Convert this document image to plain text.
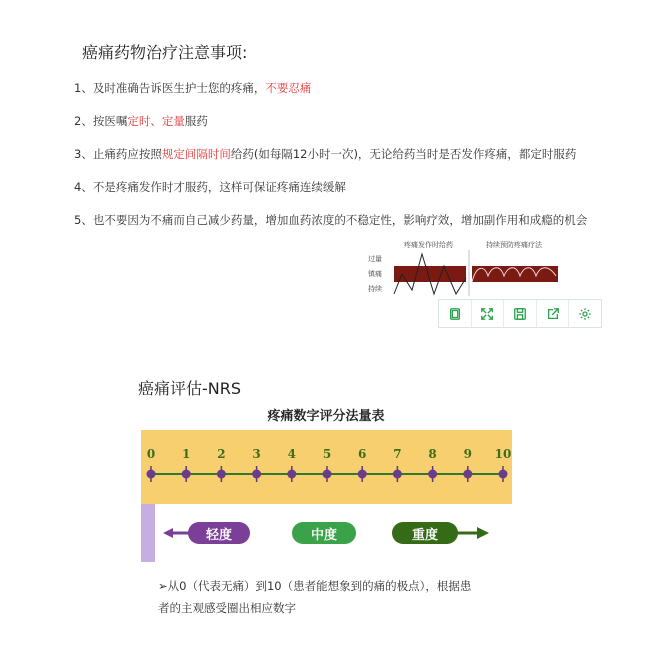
癌痛药物治疗注意事项:
1、及时准确告诉医生护士您的疼痛，不要忍痛
2、按医嘱定时、定量服药
3、止痛药应按照规定间隔时间给药(如每隔12小时一次)，无论给药当时是否发作疼痛，都定时服药
4、不是疼痛发作时才服药，这样可保证疼痛连续缓解
5、也不要因为不痛而自己减少药量，增加血药浓度的不稳定性，影响疗效，增加副作用和成瘾的机会
疼痛发作时给药	持续预防疼痛疗法
过量
镇痛
持续
癌痛评估-NRS
疼痛数字评分法量表
0 1 2 3 4 5 6 7 8 9 10
轻度	中度	重度
➢从0（代表无痛）到10（患者能想象到的痛的极点），根据患
者的主观感受圈出相应数字
